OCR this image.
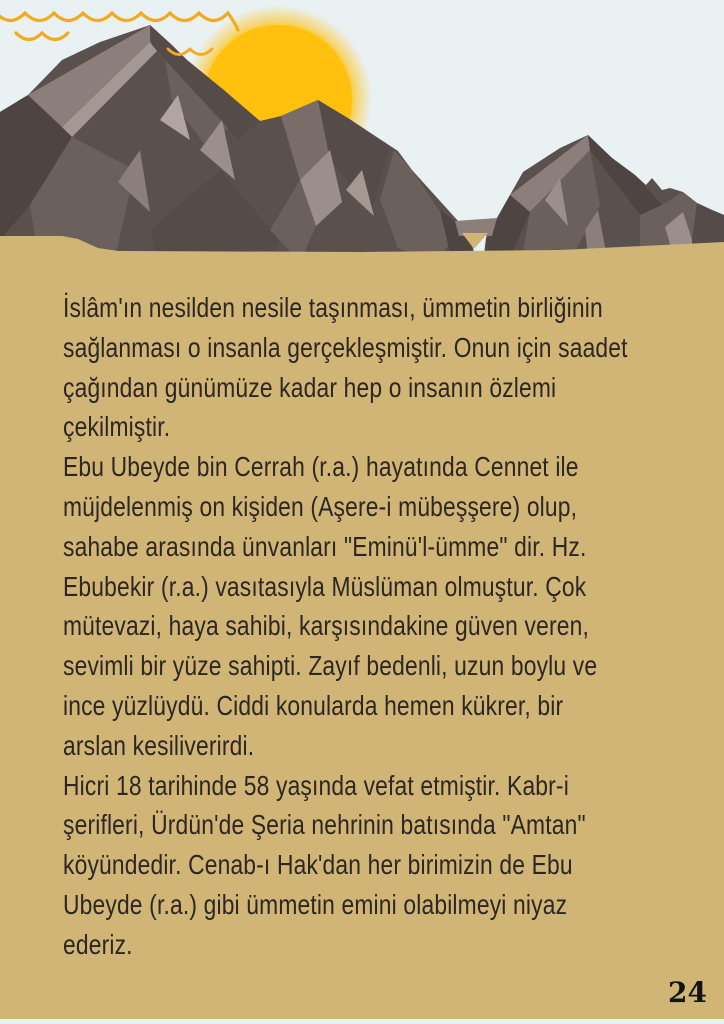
İslâm'ın nesilden nesile taşınması, ümmetin birliğinin
sağlanması o insanla gerçekleşmiştir. Onun için saadet
çağından günümüze kadar hep o insanın özlemi
çekilmiştir.
Ebu Ubeyde bin Cerrah (r.a.) hayatında Cennet ile
müjdelenmiş on kişiden (Aşere-i mübeşşere) olup,
sahabe arasında ünvanları "Eminü'l-ümme" dir. Hz.
Ebubekir (r.a.) vasıtasıyla Müslüman olmuştur. Çok
mütevazi, haya sahibi, karşısındakine güven veren,
sevimli bir yüze sahipti. Zayıf bedenli, uzun boylu ve
ince yüzlüydü. Ciddi konularda hemen kükrer, bir
arslan kesiliverirdi.
Hicri 18 tarihinde 58 yaşında vefat etmiştir. Kabr-i
şerifleri, Ürdün'de Şeria nehrinin batısında "Amtan"
köyündedir. Cenab-ı Hak'dan her birimizin de Ebu
Ubeyde (r.a.) gibi ümmetin emini olabilmeyi niyaz
ederiz.
24
